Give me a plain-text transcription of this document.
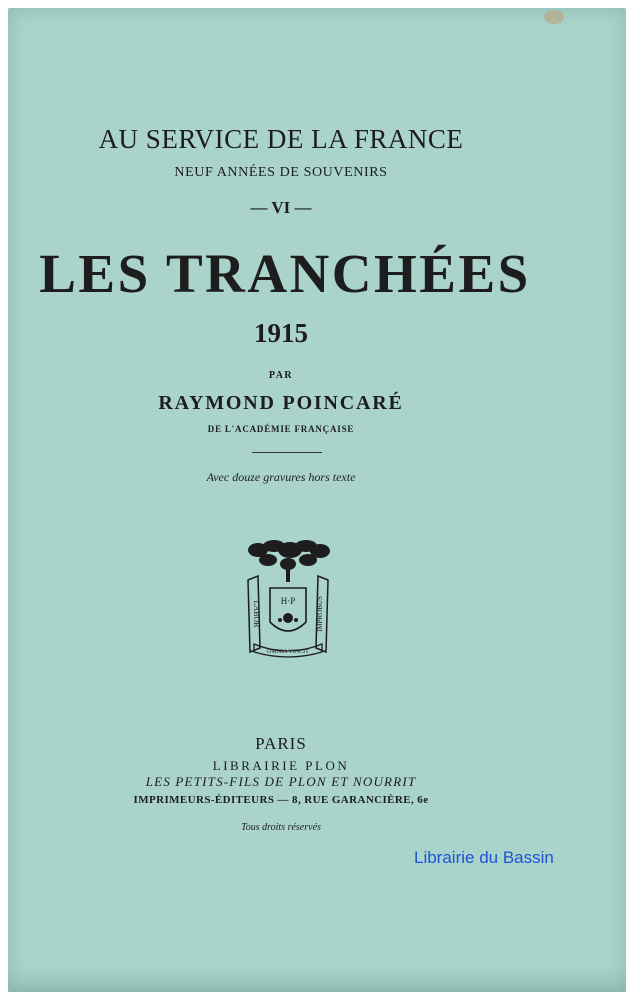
AU SERVICE DE LA FRANCE
NEUF ANNÉES DE SOUVENIRS
— VI —
LES TRANCHÉES
1915
PAR
RAYMOND POINCARÉ
DE L'ACADÉMIE FRANÇAISE
Avec douze gravures hors texte
LABOR	IMPROBUS
H·P
OMNIA VINCIT
PARIS
LIBRAIRIE PLON
LES PETITS-FILS DE PLON ET NOURRIT
IMPRIMEURS-ÉDITEURS — 8, RUE GARANCIÈRE, 6e
Tous droits réservés
Librairie du Bassin
